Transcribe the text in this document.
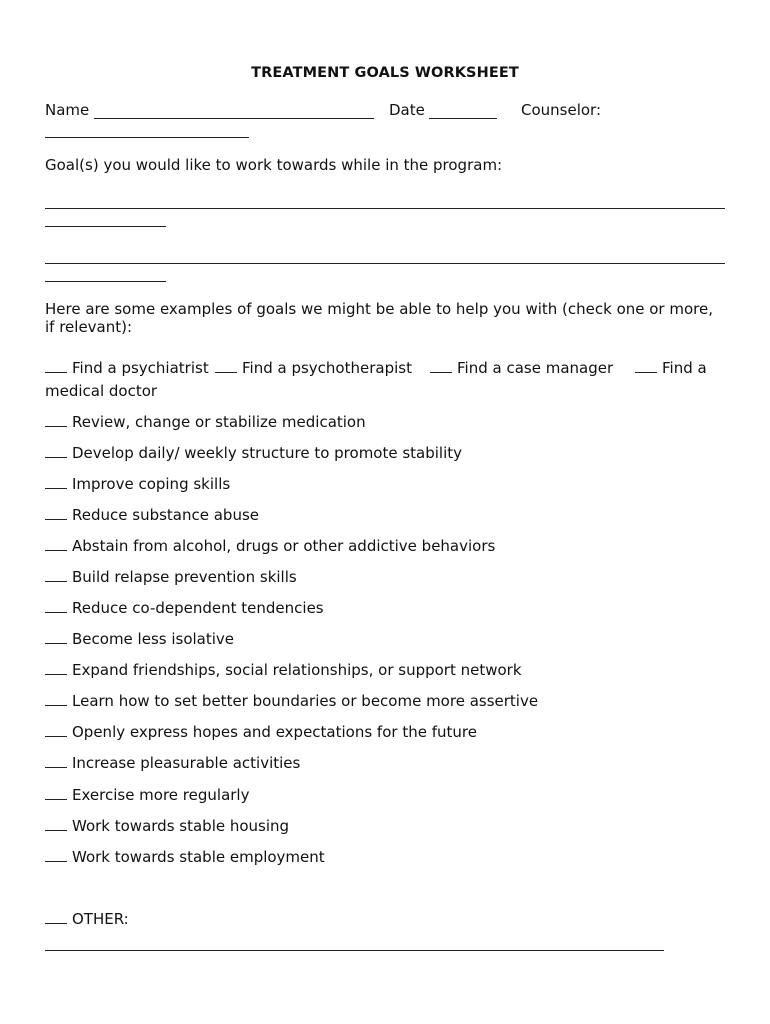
TREATMENT GOALS WORKSHEET
Name	Date	Counselor:
Goal(s) you would like to work towards while in the program:
Here are some examples of goals we might be able to help you with (check one or more,
if relevant):
Find a psychiatrist	Find a psychotherapist	Find a case manager	Find a
medical doctor
Review, change or stabilize medication
Develop daily/ weekly structure to promote stability
Improve coping skills
Reduce substance abuse
Abstain from alcohol, drugs or other addictive behaviors
Build relapse prevention skills
Reduce co-dependent tendencies
Become less isolative
Expand friendships, social relationships, or support network
Learn how to set better boundaries or become more assertive
Openly express hopes and expectations for the future
Increase pleasurable activities
Exercise more regularly
Work towards stable housing
Work towards stable employment
OTHER:
